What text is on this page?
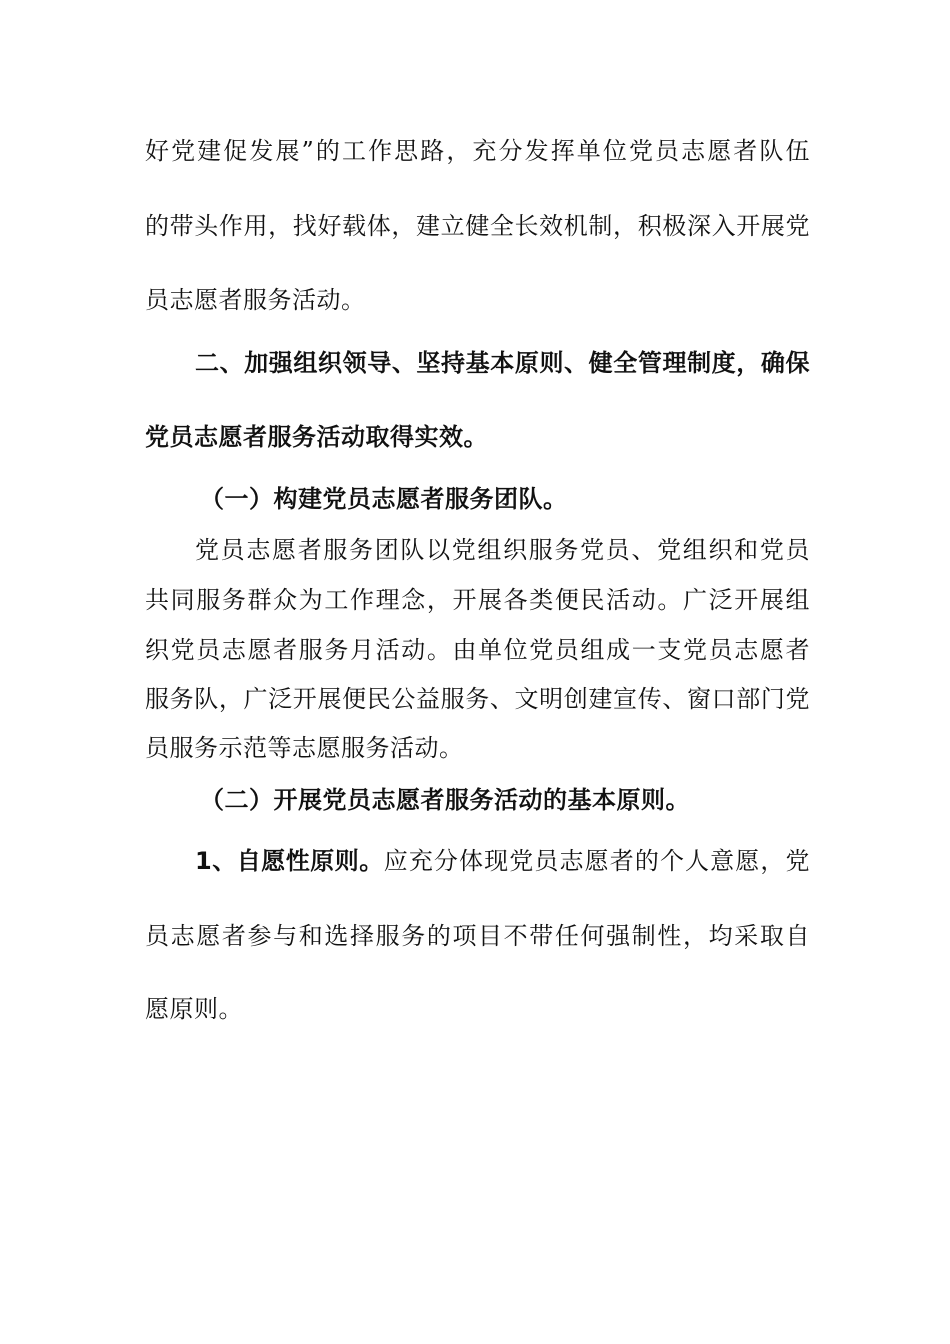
好党建促发展”的工作思路，充分发挥单位党员志愿者队伍
的带头作用，找好载体，建立健全长效机制，积极深入开展党
员志愿者服务活动。
二、加强组织领导、坚持基本原则、健全管理制度，确保
党员志愿者服务活动取得实效。
（一）构建党员志愿者服务团队。
党员志愿者服务团队以党组织服务党员、党组织和党员
共同服务群众为工作理念，开展各类便民活动。广泛开展组
织党员志愿者服务月活动。由单位党员组成一支党员志愿者
服务队，广泛开展便民公益服务、文明创建宣传、窗口部门党
员服务示范等志愿服务活动。
（二）开展党员志愿者服务活动的基本原则。
1、自愿性原则。 应充分体现党员志愿者的个人意愿，党
员志愿者参与和选择服务的项目不带任何强制性，均采取自
愿原则。
